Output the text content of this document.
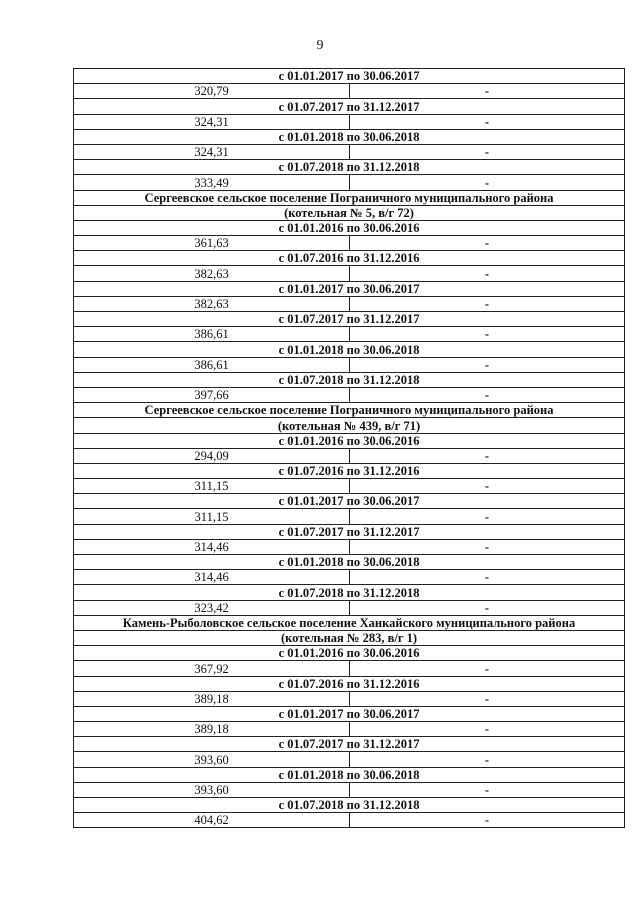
9
с 01.01.2017 по 30.06.2017	
320,79	-
с 01.07.2017 по 31.12.2017	
324,31	-
с 01.01.2018 по 30.06.2018	
324,31	-
с 01.07.2018 по 31.12.2018	
333,49	-
Сергеевское сельское поселение Пограничного муниципального района	
(котельная № 5, в/г 72)	
с 01.01.2016 по 30.06.2016	
361,63	-
с 01.07.2016 по 31.12.2016	
382,63	-
с 01.01.2017 по 30.06.2017	
382,63	-
с 01.07.2017 по 31.12.2017	
386,61	-
с 01.01.2018 по 30.06.2018	
386,61	-
с 01.07.2018 по 31.12.2018	
397,66	-
Сергеевское сельское поселение Пограничного муниципального района	
(котельная № 439, в/г 71)	
с 01.01.2016 по 30.06.2016	
294,09	-
с 01.07.2016 по 31.12.2016	
311,15	-
с 01.01.2017 по 30.06.2017	
311,15	-
с 01.07.2017 по 31.12.2017	
314,46	-
с 01.01.2018 по 30.06.2018	
314,46	-
с 01.07.2018 по 31.12.2018	
323,42	-
Камень-Рыболовское сельское поселение Ханкайского муниципального района	
(котельная № 283, в/г 1)	
с 01.01.2016 по 30.06.2016	
367,92	-
с 01.07.2016 по 31.12.2016	
389,18	-
с 01.01.2017 по 30.06.2017	
389,18	-
с 01.07.2017 по 31.12.2017	
393,60	-
с 01.01.2018 по 30.06.2018	
393,60	-
с 01.07.2018 по 31.12.2018	
404,62	-
